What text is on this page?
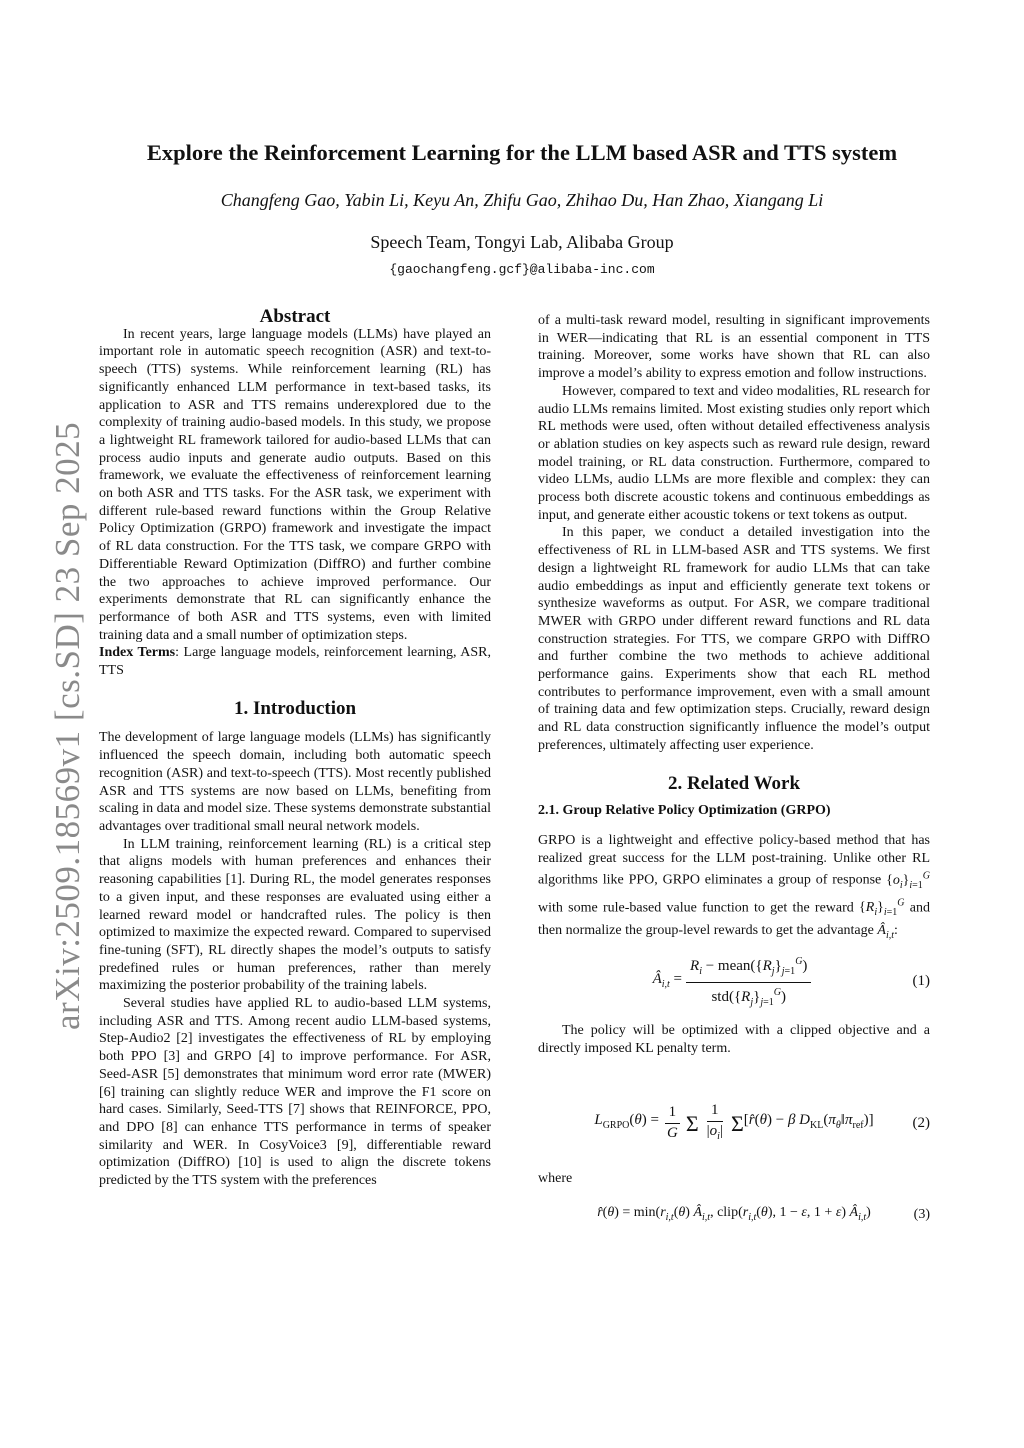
arXiv:2509.18569v1 [cs.SD] 23 Sep 2025
Explore the Reinforcement Learning for the LLM based ASR and TTS system
Changfeng Gao, Yabin Li, Keyu An, Zhifu Gao, Zhihao Du, Han Zhao, Xiangang Li
Speech Team, Tongyi Lab, Alibaba Group
{gaochangfeng.gcf}@alibaba-inc.com
Abstract

In recent years, large language models (LLMs) have played an important role in automatic speech recognition (ASR) and text-to-speech (TTS) systems. While reinforcement learning (RL) has significantly enhanced LLM performance in text-based tasks, its application to ASR and TTS remains underexplored due to the complexity of training audio-based models. In this study, we propose a lightweight RL framework tailored for audio-based LLMs that can process audio inputs and generate audio outputs. Based on this framework, we evaluate the effectiveness of reinforcement learning on both ASR and TTS tasks. For the ASR task, we experiment with different rule-based reward functions within the Group Relative Policy Optimization (GRPO) framework and investigate the impact of RL data construction. For the TTS task, we compare GRPO with Differentiable Reward Optimization (DiffRO) and further combine the two approaches to achieve improved performance. Our experiments demonstrate that RL can significantly enhance the performance of both ASR and TTS systems, even with limited training data and a small number of optimization steps.

Index Terms: Large language models, reinforcement learning, ASR, TTS

1. Introduction

The development of large language models (LLMs) has significantly influenced the speech domain, including both automatic speech recognition (ASR) and text-to-speech (TTS). Most recently published ASR and TTS systems are now based on LLMs, benefiting from scaling in data and model size. These systems demonstrate substantial advantages over traditional small neural network models.

In LLM training, reinforcement learning (RL) is a critical step that aligns models with human preferences and enhances their reasoning capabilities [1]. During RL, the model generates responses to a given input, and these responses are evaluated using either a learned reward model or handcrafted rules. The policy is then optimized to maximize the expected reward. Compared to supervised fine-tuning (SFT), RL directly shapes the model’s outputs to satisfy predefined rules or human preferences, rather than merely maximizing the posterior probability of the training labels.

Several studies have applied RL to audio-based LLM systems, including ASR and TTS. Among recent audio LLM-based systems, Step-Audio2 [2] investigates the effectiveness of RL by employing both PPO [3] and GRPO [4] to improve performance. For ASR, Seed-ASR [5] demonstrates that minimum word error rate (MWER) [6] training can slightly reduce WER and improve the F1 score on hard cases. Similarly, Seed-TTS [7] shows that REINFORCE, PPO, and DPO [8] can enhance TTS performance in terms of speaker similarity and WER. In CosyVoice3 [9], differentiable reward optimization (DiffRO) [10] is used to align the discrete tokens predicted by the TTS system with the preferences

of a multi-task reward model, resulting in significant improvements in WER—indicating that RL is an essential component in TTS training. Moreover, some works have shown that RL can also improve a model’s ability to express emotion and follow instructions.

However, compared to text and video modalities, RL research for audio LLMs remains limited. Most existing studies only report which RL methods were used, often without detailed effectiveness analysis or ablation studies on key aspects such as reward rule design, reward model training, or RL data construction. Furthermore, compared to video LLMs, audio LLMs are more flexible and complex: they can process both discrete acoustic tokens and continuous embeddings as input, and generate either acoustic tokens or text tokens as output.

In this paper, we conduct a detailed investigation into the effectiveness of RL in LLM-based ASR and TTS systems. We first design a lightweight RL framework for audio LLMs that can take audio embeddings as input and efficiently generate text tokens or synthesize waveforms as output. For ASR, we compare traditional MWER with GRPO under different reward functions and RL data construction strategies. For TTS, we compare GRPO with DiffRO and further combine the two methods to achieve additional performance gains. Experiments show that each RL method contributes to performance improvement, even with a small amount of training data and few optimization steps. Crucially, reward design and RL data construction significantly influence the model’s output preferences, ultimately affecting user experience.

2. Related Work
2.1. Group Relative Policy Optimization (GRPO)

GRPO is a lightweight and effective policy-based method that has realized great success for the LLM post-training. Unlike other RL algorithms like PPO, GRPO eliminates a group of response $\{o_i\}_{i=1}^G$ with some rule-based value function to get the reward $\{R_i\}_{i=1}^G$ and then normalize the group-level rewards to get the advantage $Â_{i,t}$:

$Â_{i,t} = \frac{R_i - mean(\{R_j\}_{j=1}^G)}{std(\{R_j\}_{j=1}^G)}$	(1)

The policy will be optimized with a clipped objective and a directly imposed KL penalty term.

$L_{GRPO}(\theta) = \frac{1}{G}$ Σ $\frac{1}{|o_i|}$ Σ [r̂(θ) − β $D_{KL}(\pi_\theta‖\pi_{ref})$]	(2)

where

r̂(θ) = $\min(r_{i,t}(\theta)$ $Â_{i,t}$, $clip(r_{i,t}(\theta)$, 1 − ε, 1 + ε) $Â_{i,t}$)	(3)
